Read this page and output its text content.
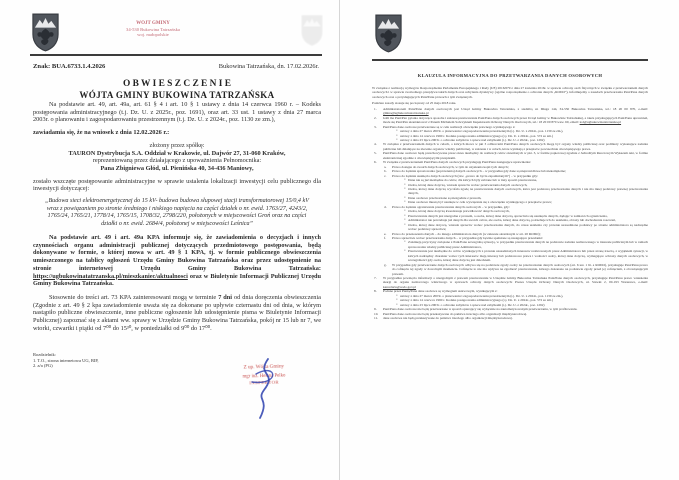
WÓJT GMINY
34-530 Bukowina Tatrzańska
woj. małopolskie
Znak: BUA.6733.1.4.2026	Bukowina Tatrzańska, dn. 17.02.2026r.
O B W I E S Z C Z E N I E
WÓJTA GMINY BUKOWINA TATRZAŃSKA

Na podstawie art. 49, art. 49a, art. 61 § 4 i art. 10 § 1 ustawy z dnia 14 czerwca 1960 r. – Kodeks postępowania administracyjnego (t.j. Dz. U. z 2025r., poz. 1691), oraz art. 33 ust. 1 ustawy z dnia 27 marca 2003r. o planowaniu i zagospodarowaniu przestrzennym (t.j. Dz. U. z 2024r., poz. 1130 ze zm.),

zawiadamia się, że na wniosek z dnia 12.02.2026 r.:

złożony przez spółkę:

TAURON Dystrybucja S.A. Oddział w Krakowie, ul. Dajwór 27, 31-060 Kraków,

reprezentowaną przez działającego z upoważnienia Pełnomocnika:

Pana Zbigniewa Głód, ul. Pienińska 40, 34-436 Maniowy,

zostało wszczęte postępowanie administracyjne w sprawie ustalenia lokalizacji inwestycji celu publicznego dla inwestycji dotyczącej:

„Budowa sieci elektroenergetycznej do 15 kV- budowa budowa słupowej stacji transformatorowej 15/0,4 kV wraz z powiązaniem po stronie średniego i niskiego napięcia na części działek o nr. ewid. 1763/27, 4243/2, 1765/24, 1765/21, 1778/14, 1765/15, 1708/32, 2798/220, położonych w miejscowości Groń oraz na części działki o nr. ewid. 2684/4, położonej w miejscowości Leśnica”

Na podstawie art. 49 i art. 49a KPA informuje się, że zawiadomienia o decyzjach i innych czynnościach organu administracji publicznej dotyczących przedmiotowego postępowania, będą dokonywane w formie, o której mowa w art. 49 § 1 KPA, tj. w formie publicznego obwieszczenia umieszczonego na tablicy ogłoszeń Urzędu Gminy Bukowina Tatrzańska oraz przez udostępnienie na stronie internetowej Urzędu Gminy Bukowina Tatrzańska: https://ugbukowinatatrzanska.pl/mieszkaniec/aktualnosci oraz w Biuletynie Informacji Publicznej Urzędu Gminy Bukowina Tatrzańska.

Stosownie do treści art. 73 KPA zainteresowani mogą w terminie 7 dni od dnia doręczenia obwieszczenia (Zgodnie z art. 49 § 2 kpa zawiadomienie uważa się za dokonane po upływie czternastu dni od dnia, w którym nastąpiło publiczne obwieszczenie, inne publiczne ogłoszenie lub udostępnienie pisma w Biuletynie Informacji Publicznej) zapoznać się z aktami ww. sprawy w Urzędzie Gminy Bukowina Tatrzańska, pokój nr 15 lub nr 7, we wtorki, czwartki i piątki od 7⁰⁰ do 15³⁰, w poniedziałki od 9⁰⁰ do 17⁰⁰.

Rozdzielnik:
1. T.O., strona internetowa UG, BIP,
2. a/a (PG)	Z up. Wójta Gminy
mgr inż. Helena Pelko
INSPEKTOR
KLAUZULA INFORMACYJNA DO PRZETWARZANIA DANYCH OSOBOWYCH

W związku z realizacją wymogów Rozporządzenia Parlamentu Europejskiego i Rady (UE) 2016/679 z dnia 27 kwietnia 2016r. w sprawie ochrony osób fizycznych w związku z przetwarzaniem danych osobowych i w sprawie swobodnego przepływu takich danych oraz uchylenia dyrektywy (ogólne rozporządzenie o ochronie danych „RODO”), informujemy o zasadach przetwarzania Pani/Pana danych osobowych oraz o przysługujących Pani/Panu prawach z tym związanych.

Poniższe zasady stosuje się począwszy od 25 maja 2018 roku.

1.	Administratorem Pani/Pana danych osobowych jest Urząd Gminy Bukowina Tatrzańska, z siedzibą ul. Długa 144, 34-530 Bukowina Tatrzańska, tel.: 18 20 00 870, e-mail: gmina@ugbukowinatatrzanska.pl
2.	Jeśli ma Pani/Pan pytania dotyczące sposobu i zakresu przetwarzania Pani/Pana danych osobowych przez Urząd Gminy w Bukowinie Tatrzańskiej, a także przysługujących Pani/Panu uprawnień, może się Pani/Pan skontaktować z Panem Michałem Sobczykiem Inspektorem Ochrony Danych Osobowych, tel.: 18 20 00 870 wew. 60, email: iod@ugbukowinatatrzanska.pl
3.	Pani/Pana dane osobowe przetwarzane są w celu realizacji obowiązku prawnego wynikającego z:
▪ ustawy z dnia 27 marca 2003r. o planowaniu i zagospodarowaniu przestrzennym (t.j. Dz. U. z 2024r., poz. 1130 ze zm.),
▪ ustawy z dnia 14 czerwca 1960 r. Kodeks postępowania administracyjnego (t.j. Dz. U. z 2024r., poz. 572 ze zm.)
▪ ustawy z dnia 23 lipca 2003r. o ochronie zabytków i opiece nad zabytkami (t.j. Dz. U. z 2024r., poz. 1292)
4.	W związku z przetwarzaniem danych w celach, o których mowa w pkt 3 odbiorcami Pani/Pana danych osobowych mogą być organy władzy publicznej oraz podmioty wykonujące zadania publiczne lub działające na zlecenie organów władzy publicznej, w zakresie i w celach, które wynikają z przepisów powszechnie obowiązującego prawa.
5.	Pani/Pana dane osobowe będą przechowywane przez okres niezbędny do realizacji celów określonych w pkt. 3, w formie papierowej zgodnie z Jednolitym Rzeczowym Wykazem Akt, w formie elektronicznej zgodnie z obowiązującymi przepisami.
6.	W związku z przetwarzaniem Pani/Pana danych osobowych przysługują Pani/Panu następujące uprawnienia:
a.	Prawo dostępu do swoich danych osobowych, w tym do uzyskania kopii tych danych;
b.	Prawo do żądania sprostowania (poprawienia) danych osobowych – w przypadku gdy dane są nieprawidłowe lub niekompletne;
c.	Prawo do żądania usunięcia danych osobowych (tzw. „prawo do bycia zapomnianym”) – w przypadku gdy:
▪ Dane nie są już niezbędne do celów, dla których były zebrane lub w inny sposób przetwarzane,
▪ Osoba, której dane dotyczą, wniosła sprzeciw wobec przetwarzania danych osobowych,
▪ Osoba, której dane dotyczą wycofała zgodę na przetwarzanie danych osobowych, która jest podstawą przetwarzania danych i nie ma innej podstawy prawnej przetwarzania danych,
▪ Dane osobowe przetwarzane są niezgodnie z prawem,
▪ Dane osobowe muszą być usunięte w celu wywiązania się z obowiązku wynikającego z przepisów prawa;
d.	Prawo do żądania ograniczenia przetwarzania danych osobowych – w przypadku, gdy:
▪ Osoba, której dane dotyczą kwestionuje prawidłowość danych osobowych,
▪ Przetwarzanie danych jest niezgodne z prawem, a osoba, której dane dotyczą, sprzeciwia się usunięciu danych, żądając w zamian ich ograniczenia,
▪ Administrator nie potrzebuje już danych dla swoich celów, ale osoba, której dane dotyczą, potrzebuje ich do ustalenia, obrony lub dochodzenia roszczeń,
▪ Osoba, której dane dotyczą, wniosła sprzeciw wobec przetwarzania danych, do czasu ustalenia czy prawnie uzasadnione podstawy po stronie administratora są nadrzędne wobec podstawy sprzeciwu;
e.	Prawo do przenoszenia danych – do innego administratora danych (w zakresie określonym w art. 20 RODO);
f.	Prawo sprzeciwu wobec przetwarzania danych – w przypadku gdy łącznie spełnione są następujące przesłanki:
▪ Zaistnieją przyczyny związane z Pani/Pana szczególną sytuacją, w przypadku przetwarzania danych na podstawie zadania realizowanego w interesie publicznym lub w ramach sprawowania władzy publicznej przez Administratora,
▪ Przetwarzanie jest niezbędne do celów wynikających z prawnie uzasadnionych interesów realizowanych przez Administratora lub przez stronę trzecią, z wyjątkiem sytuacji, w których nadrzędny charakter wobec tych interesów mają interesy lub podstawowe prawa i wolności osoby, której dane dotyczą, wymagające ochrony danych osobowych, w szczególności gdy osoba, której dane dotyczą jest dzieckiem.
g.	W przypadku gdy przetwarzanie danych osobowych odbywa się na podstawie zgody osoby na przetwarzanie danych osobowych (art. 6 ust. 1 lit. a RODO), przysługuje Pani/Panu prawo do cofnięcia tej zgody w dowolnym momencie. Cofnięcie to nie ma wpływu na zgodność przetwarzania, którego dokonano na podstawie zgody przed jej cofnięciem, z obowiązującym prawem.
7.	W przypadku powzięcia informacji o niezgodnym z prawem przetwarzaniu w Urzędzie Gminy Bukowina Tatrzańska Pani/Pana danych osobowych, przysługuje Pani/Panu prawo wniesienia skargi do organu nadzorczego właściwego w sprawach ochrony danych osobowych: Prezes Urzędu Ochrony Danych Osobowych, ul. Stawki 2, 00-193 Warszawa, e-mail: kancelaria@uodo.gov.pl
8.	Podane przez Panią/Pana dane osobowe są wymogiem ustawowym, wynikającym z:
▪ ustawy z dnia 27 marca 2003r. o planowaniu i zagospodarowaniu przestrzennym (t.j. Dz. U. z 2024r., poz. 1130 ze zm.),
▪ ustawy z dnia 14 czerwca 1960 r. Kodeks postępowania administracyjnego (t.j. Dz. U. z 2024r., poz. 572 ze zm.)
▪ ustawy z dnia 23 lipca 2003r. o ochronie zabytków i opiece nad zabytkami (t.j. Dz. U. z 2024r., poz. 1292)
9.	Pani/Pana dane osobowe nie będą przetwarzane w sposób opierający się wyłącznie na zautomatyzowanym przetwarzaniu, w tym profilowaniu.
10.	Pani/Pana dane osobowe nie będą przekazywane do państwa trzeciego albo organizacji międzynarodowej.
11.	dane osobowe nie będą przekazywane do państwa trzeciego albo organizacji międzynarodowej.
